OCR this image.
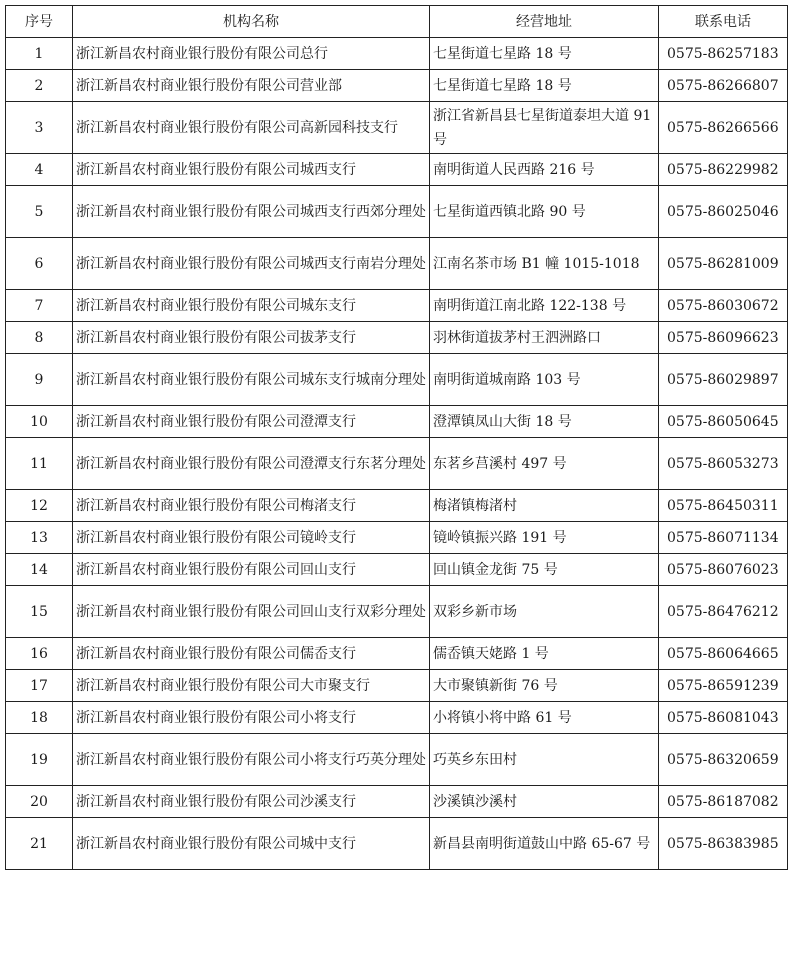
序号	机构名称	经营地址	联系电话
1	浙江新昌农村商业银行股份有限公司总行	七星街道七星路 18 号	0575-86257183
2	浙江新昌农村商业银行股份有限公司营业部	七星街道七星路 18 号	0575-86266807
3	浙江新昌农村商业银行股份有限公司高新园科技支行	浙江省新昌县七星街道泰坦大道 91 号	0575-86266566
4	浙江新昌农村商业银行股份有限公司城西支行	南明街道人民西路 216 号	0575-86229982
5	浙江新昌农村商业银行股份有限公司城西支行西郊分理处	七星街道西镇北路 90 号	0575-86025046
6	浙江新昌农村商业银行股份有限公司城西支行南岩分理处	江南名茶市场 B1 幢 1015-1018	0575-86281009
7	浙江新昌农村商业银行股份有限公司城东支行	南明街道江南北路 122-138 号	0575-86030672
8	浙江新昌农村商业银行股份有限公司拔茅支行	羽林街道拔茅村王泗洲路口	0575-86096623
9	浙江新昌农村商业银行股份有限公司城东支行城南分理处	南明街道城南路 103 号	0575-86029897
10	浙江新昌农村商业银行股份有限公司澄潭支行	澄潭镇凤山大街 18 号	0575-86050645
11	浙江新昌农村商业银行股份有限公司澄潭支行东茗分理处	东茗乡莒溪村 497 号	0575-86053273
12	浙江新昌农村商业银行股份有限公司梅渚支行	梅渚镇梅渚村	0575-86450311
13	浙江新昌农村商业银行股份有限公司镜岭支行	镜岭镇振兴路 191 号	0575-86071134
14	浙江新昌农村商业银行股份有限公司回山支行	回山镇金龙街 75 号	0575-86076023
15	浙江新昌农村商业银行股份有限公司回山支行双彩分理处	双彩乡新市场	0575-86476212
16	浙江新昌农村商业银行股份有限公司儒岙支行	儒岙镇天姥路 1 号	0575-86064665
17	浙江新昌农村商业银行股份有限公司大市聚支行	大市聚镇新街 76 号	0575-86591239
18	浙江新昌农村商业银行股份有限公司小将支行	小将镇小将中路 61 号	0575-86081043
19	浙江新昌农村商业银行股份有限公司小将支行巧英分理处	巧英乡东田村	0575-86320659
20	浙江新昌农村商业银行股份有限公司沙溪支行	沙溪镇沙溪村	0575-86187082
21	浙江新昌农村商业银行股份有限公司城中支行	新昌县南明街道鼓山中路 65-67 号	0575-86383985
